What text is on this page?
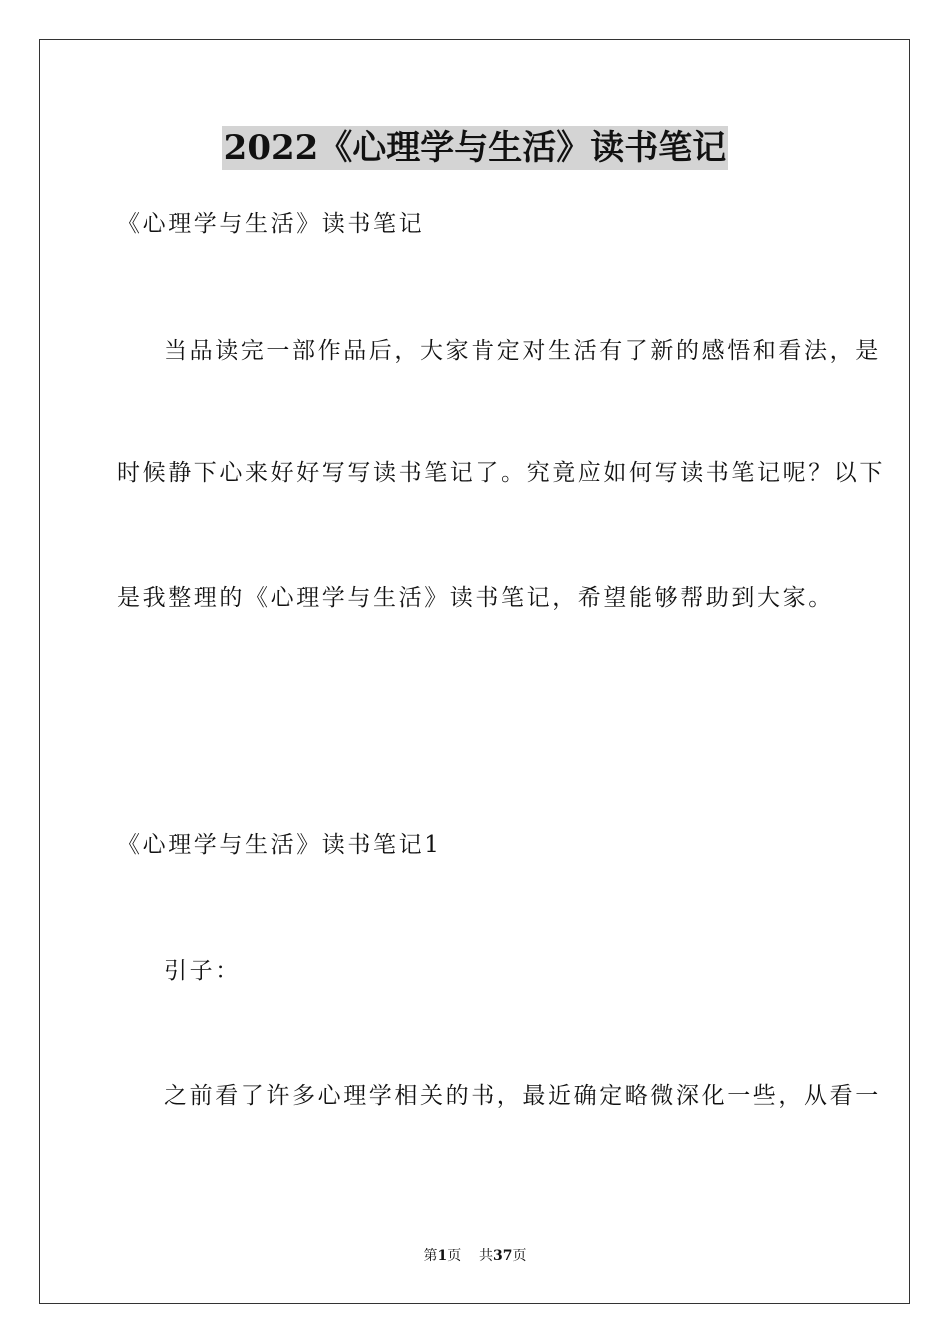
2022《心理学与生活》读书笔记
《心理学与生活》读书笔记
当品读完一部作品后，大家肯定对生活有了新的感悟和看法，是
时候静下心来好好写写读书笔记了。究竟应如何写读书笔记呢？以下
是我整理的《心理学与生活》读书笔记，希望能够帮助到大家。
《心理学与生活》读书笔记1
引子：
之前看了许多心理学相关的书，最近确定略微深化一些，从看一
第1页    共37页
